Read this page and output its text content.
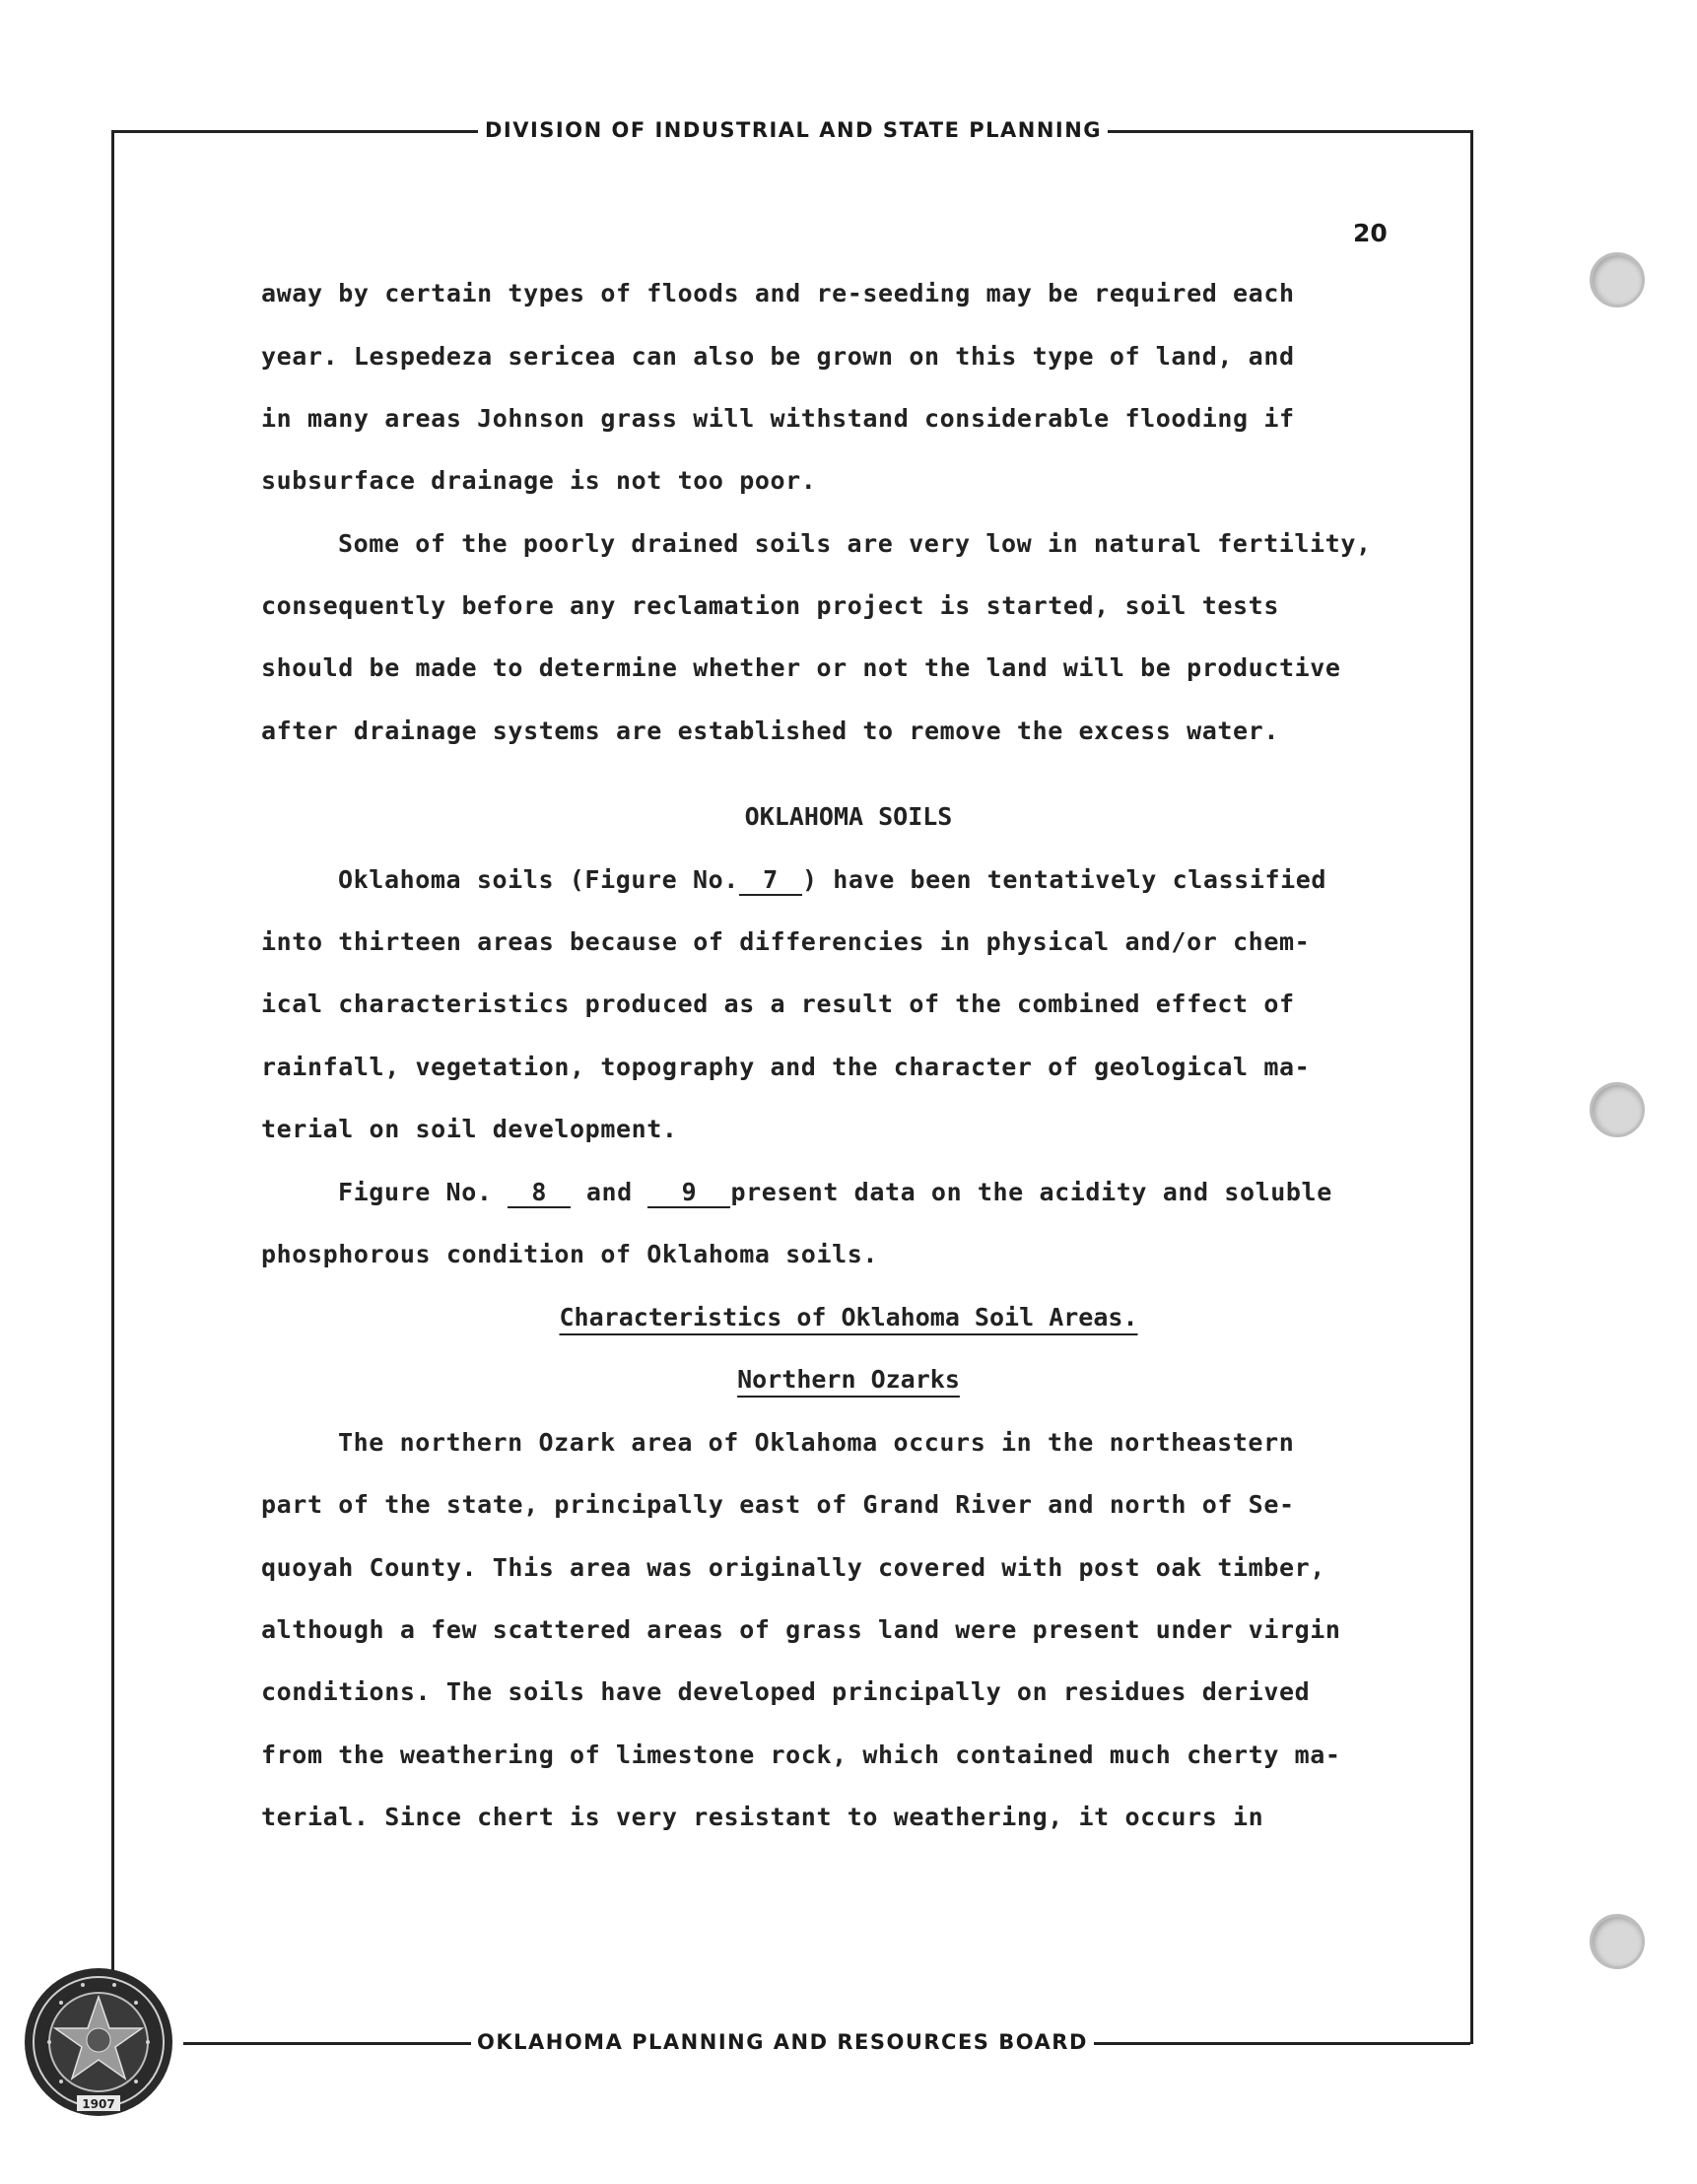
DIVISION OF INDUSTRIAL AND STATE PLANNING
20
away by certain types of floods and re-seeding may be required each
year. Lespedeza sericea can also be grown on this type of land, and
in many areas Johnson grass will withstand considerable flooding if
subsurface drainage is not too poor.
Some of the poorly drained soils are very low in natural fertility,
consequently before any reclamation project is started, soil tests
should be made to determine whether or not the land will be productive
after drainage systems are established to remove the excess water.
OKLAHOMA SOILS
Oklahoma soils (Figure No. 7 ) have been tentatively classified
into thirteen areas because of differencies in physical and/or chem-
ical characteristics produced as a result of the combined effect of
rainfall, vegetation, topography and the character of geological ma-
terial on soil development.
Figure No. 8 and 9 present data on the acidity and soluble
phosphorous condition of Oklahoma soils.
Characteristics of Oklahoma Soil Areas.
Northern Ozarks
The northern Ozark area of Oklahoma occurs in the northeastern
part of the state, principally east of Grand River and north of Se-
quoyah County. This area was originally covered with post oak timber,
although a few scattered areas of grass land were present under virgin
conditions. The soils have developed principally on residues derived
from the weathering of limestone rock, which contained much cherty ma-
terial. Since chert is very resistant to weathering, it occurs in
OKLAHOMA PLANNING AND RESOURCES BOARD
1907
